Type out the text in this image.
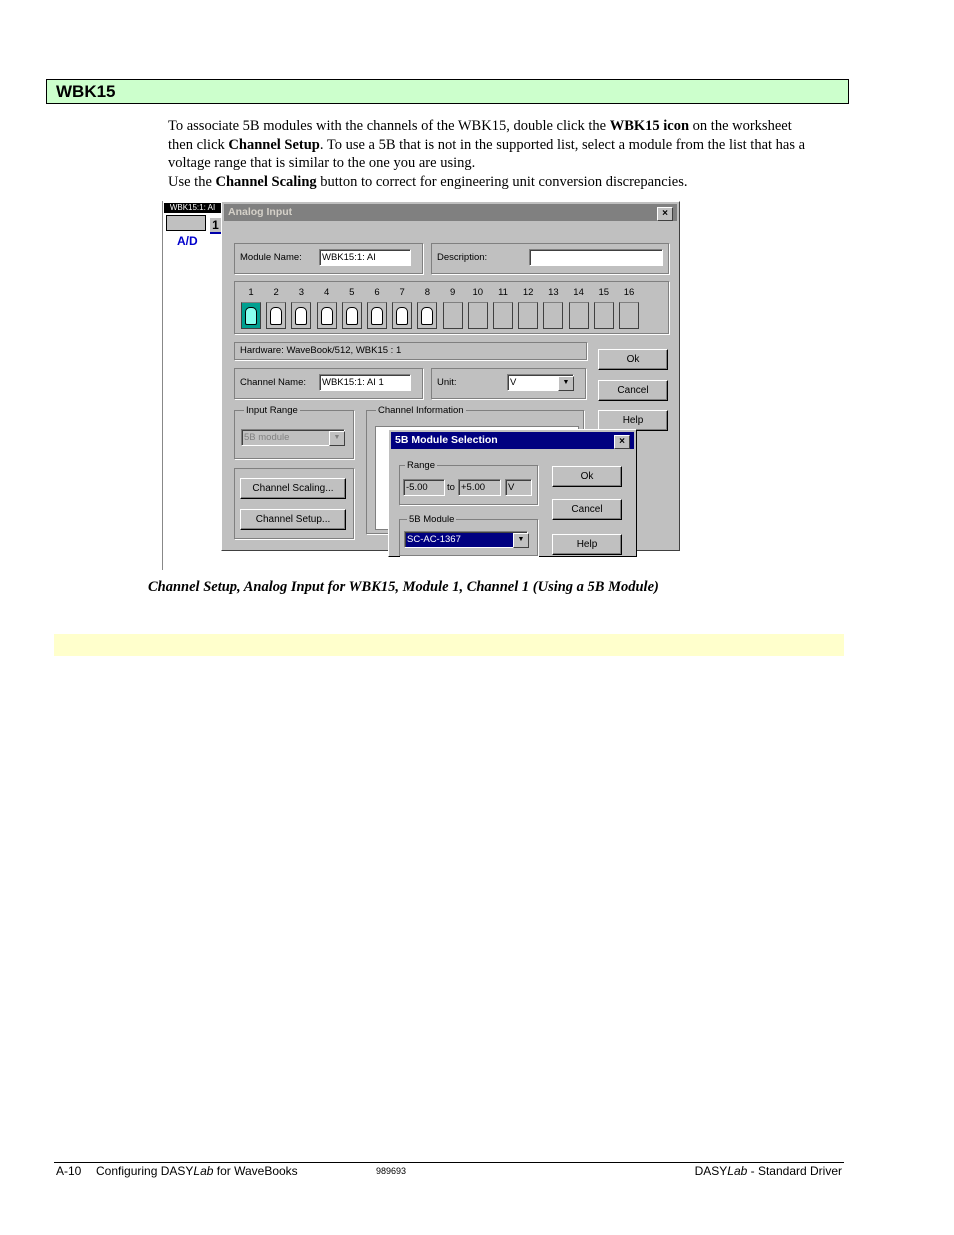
WBK15

To associate 5B modules with the channels of the WBK15, double click the WBK15 icon on the worksheet then click Channel Setup. To use a 5B that is not in the supported list, select a module from the list that has a voltage range that is similar to the one you are using.

Use the Channel Scaling button to correct for engineering unit conversion discrepancies.

WBK15:1: AI
1
A/D
Analog Input	×
Module Name:	WBK15:1: AI	Description:
1	2	3	4	5	6	7	8	9	10	11	12	13	14	15	16
Hardware: WaveBook/512, WBK15 : 1
Channel Name:	WBK15:1: AI 1	Unit:	V	▼
Ok
Cancel
Help
Input Range
5B module	▼
Channel Information
Channel Scaling...
Channel Setup...
5B Module Selection	×
Range
-5.00	to +5.00	V
5B Module
SC-AC-1367	▼
Ok
Cancel
Help
Channel Setup, Analog Input for WBK15, Module 1, Channel 1 (Using a 5B Module)
A-10 Configuring DASYLab for WaveBooks	989693	DASYLab - Standard Driver
